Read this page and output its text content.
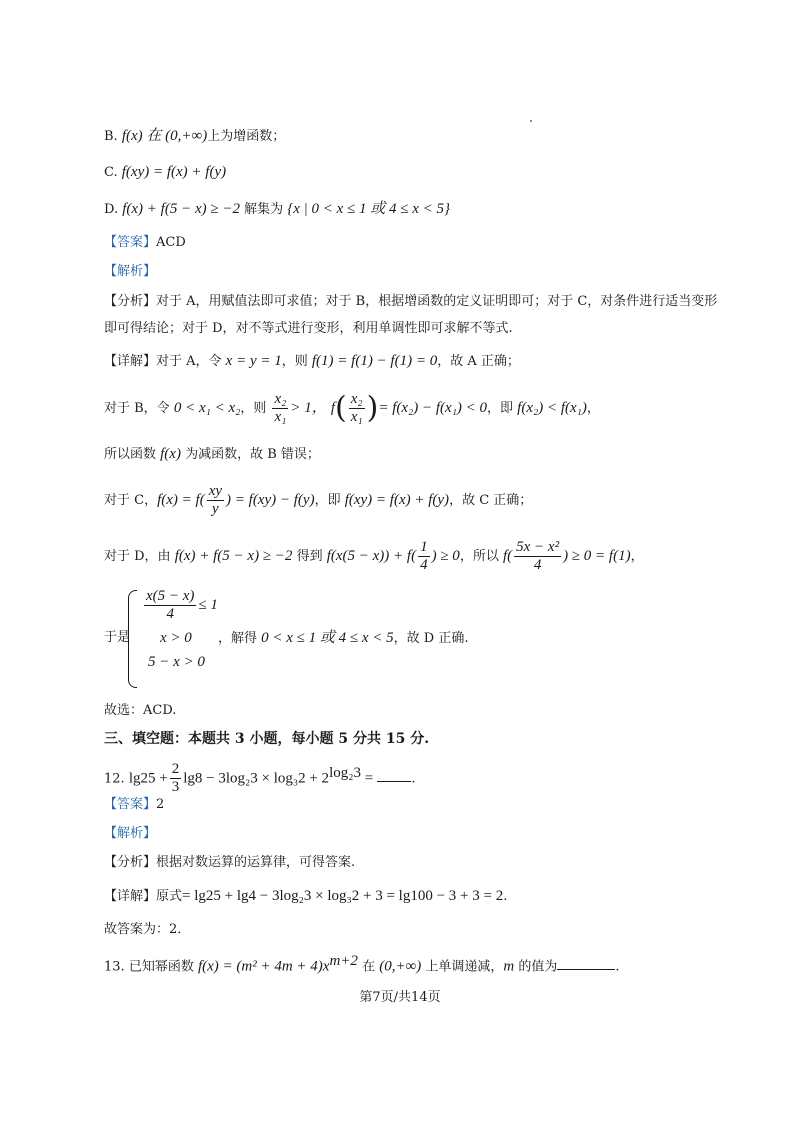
B. f(x) 在 (0,+∞)上为增函数；
C. f(xy) = f(x) + f(y)
D. f(x) + f(5 − x) ≥ −2 解集为 {x | 0 < x ≤ 1 或 4 ≤ x < 5}
【答案】ACD
【解析】
【分析】对于 A，用赋值法即可求值；对于 B，根据增函数的定义证明即可；对于 C，对条件进行适当变形
即可得结论；对于 D，对不等式进行变形，利用单调性即可求解不等式.
【详解】对于 A，令 x = y = 1，则 f(1) = f(1) − f(1) = 0，故 A 正确；
对于 B，令 0 < x₁ < x₂，则 $\frac{\text{x₂}}{\text{x₁}} > 1$， $f( \frac{\text{x₂}}{\text{x₁}}$ )= f(x₂) − f(x₁) < 0，即 f(x₂) < f(x₁)，
所以函数 f(x) 为减函数，故 B 错误；
对于 C，$f(x) = f( \frac{xy}{y}$ ) = f(xy) − f(y)，即 f(xy) = f(x) + f(y)，故 C 正确；
对于 D，由 f(x) + f(5 − x) ≥ −2 得到 $f(x(5 - x)) + f( \frac{1}{4}$ ) ≥ 0，所以 $f( \frac{\text{5x − x²}}{4}$ ) ≥ 0 = f(1)，
于是
$\frac{x(5 - x)}{4} \le 1$
x > 0 ，解得 0 < x ≤ 1 或 4 ≤ x < 5，故 D 正确.
5 − x > 0
故选：ACD.
三、填空题：本题共 3 小题，每小题 5 分共 15 分.
12. $\lg 25 + \frac{2}{3} \lg 8 - 3\log_23 \times \log_32 + 2^{log_23}$ =	.
【答案】2
【解析】
【分析】根据对数运算的运算律，可得答案.
【详解】原式= lg25 + lg4 − 3log₂3 × log₃2 + 3 = lg100 − 3 + 3 = 2.
故答案为：2．
13. 已知幂函数 $f(x) = (m^2 + 4m + 4)x^{m+2}$ 在 (0,+∞) 上单调递减，m 的值为	.
第7页/共14页
